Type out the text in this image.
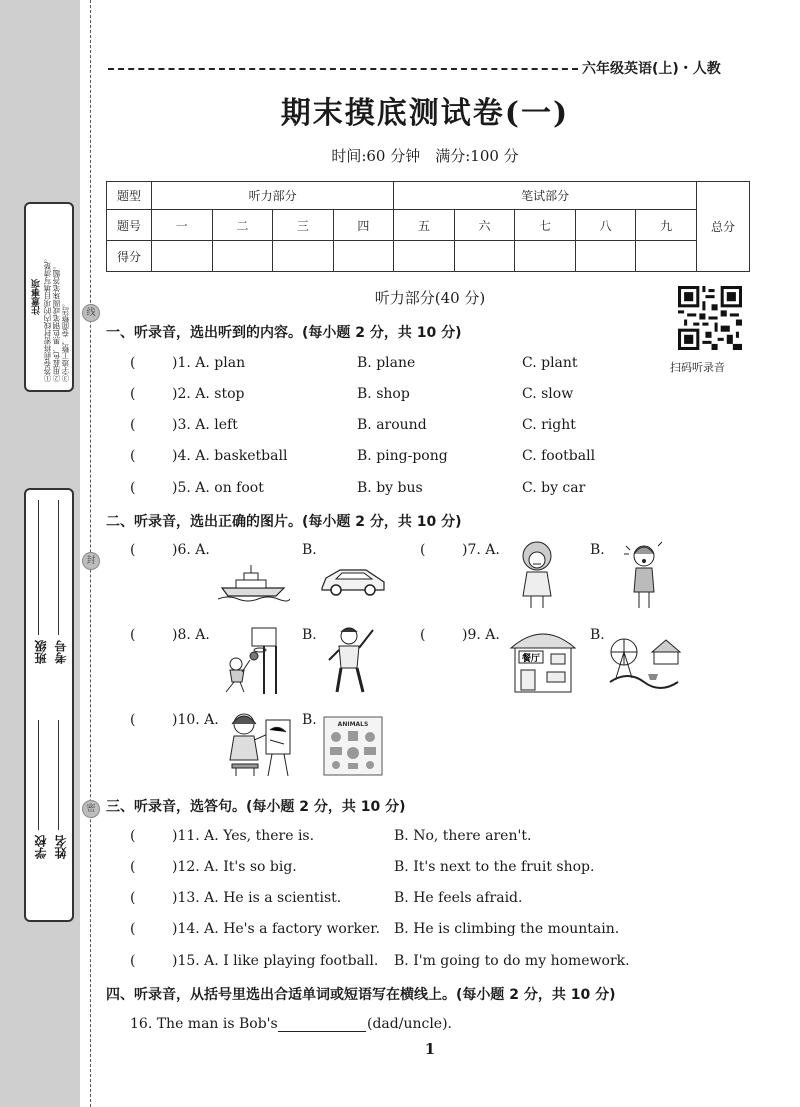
注意事项 ①答卷前将密封线内的项目填写清楚。 ②用蓝色、黑色钢笔或圆珠笔答题。 ③字迹工整，卷面整洁。
学校 姓名
班级 考号
线
封
密
六年级英语(上)・人教
期末摸底测试卷(一)
时间:60 分钟　满分:100 分
题型	听力部分				笔试部分					总分
题号	一	二	三	四	五	六	七	八	九	
得分										
听力部分(40 分)
扫码听录音
一、听录音，选出听到的内容。(每小题 2 分，共 10 分)
(	)1. A. plan	B. plane	C. plant
(	)2. A. stop	B. shop	C. slow
(	)3. A. left	B. around	C. right
(	)4. A. basketball	B. ping-pong	C. football
(	)5. A. on foot	B. by bus	C. by car
二、听录音，选出正确的图片。(每小题 2 分，共 10 分)
(	)6. A.	B.	(	)7. A.	B.
(	)8. A.	B.	(	)9. A.	B.
餐厅
(	)10. A.	B.	ANIMALS
三、听录音，选答句。(每小题 2 分，共 10 分)
(	)11. A. Yes, there is.	B. No, there aren't.
(	)12. A. It's so big.	B. It's next to the fruit shop.
(	)13. A. He is a scientist.	B. He feels afraid.
(	)14. A. He's a factory worker. B. He is climbing the mountain.
(	)15. A. I like playing football. B. I'm going to do my homework.
四、听录音，从括号里选出合适单词或短语写在横线上。(每小题 2 分，共 10 分)
16. The man is Bob's	(dad/uncle).
1
